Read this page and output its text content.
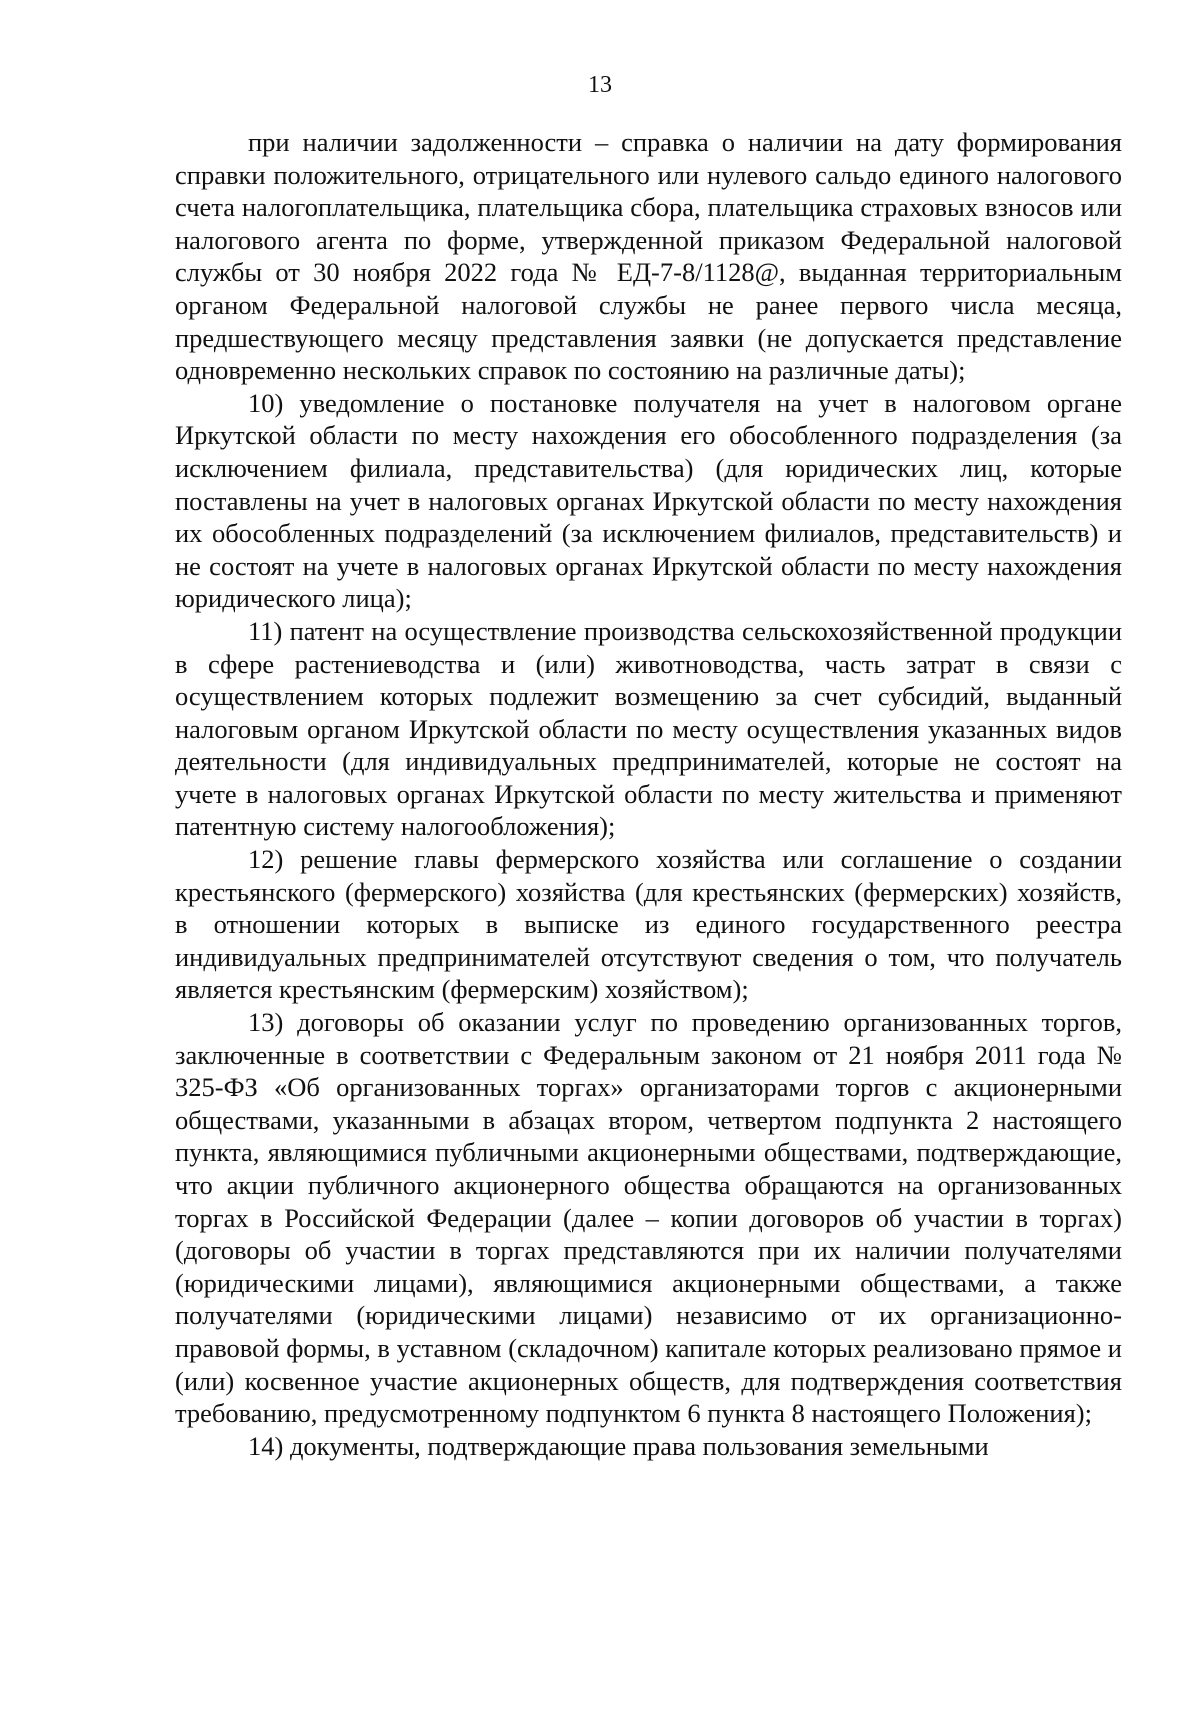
13

при наличии задолженности – справка о наличии на дату формирования справки положительного, отрицательного или нулевого сальдо единого налогового счета налогоплательщика, плательщика сбора, плательщика страховых взносов или налогового агента по форме, утвержденной приказом Федеральной налоговой службы от 30 ноября 2022 года № ЕД-7-8/1128@, выданная территориальным органом Федеральной налоговой службы не ранее первого числа месяца, предшествующего месяцу представления заявки (не допускается представление одновременно нескольких справок по состоянию на различные даты);

10) уведомление о постановке получателя на учет в налоговом органе Иркутской области по месту нахождения его обособленного подразделения (за исключением филиала, представительства) (для юридических лиц, которые поставлены на учет в налоговых органах Иркутской области по месту нахождения их обособленных подразделений (за исключением филиалов, представительств) и не состоят на учете в налоговых органах Иркутской области по месту нахождения юридического лица);

11) патент на осуществление производства сельскохозяйственной продукции в сфере растениеводства и (или) животноводства, часть затрат в связи с осуществлением которых подлежит возмещению за счет субсидий, выданный налоговым органом Иркутской области по месту осуществления указанных видов деятельности (для индивидуальных предпринимателей, которые не состоят на учете в налоговых органах Иркутской области по месту жительства и применяют патентную систему налогообложения);

12) решение главы фермерского хозяйства или соглашение о создании крестьянского (фермерского) хозяйства (для крестьянских (фермерских) хозяйств, в отношении которых в выписке из единого государственного реестра индивидуальных предпринимателей отсутствуют сведения о том, что получатель является крестьянским (фермерским) хозяйством);

13) договоры об оказании услуг по проведению организованных торгов, заключенные в соответствии с Федеральным законом от 21 ноября 2011 года № 325-ФЗ «Об организованных торгах» организаторами торгов с акционерными обществами, указанными в абзацах втором, четвертом подпункта 2 настоящего пункта, являющимися публичными акционерными обществами, подтверждающие, что акции публичного акционерного общества обращаются на организованных торгах в Российской Федерации (далее – копии договоров об участии в торгах) (договоры об участии в торгах представляются при их наличии получателями (юридическими лицами), являющимися акционерными обществами, а также получателями (юридическими лицами) независимо от их организационно-правовой формы, в уставном (складочном) капитале которых реализовано прямое и (или) косвенное участие акционерных обществ, для подтверждения соответствия требованию, предусмотренному подпунктом 6 пункта 8 настоящего Положения);

14) документы, подтверждающие права пользования земельными
